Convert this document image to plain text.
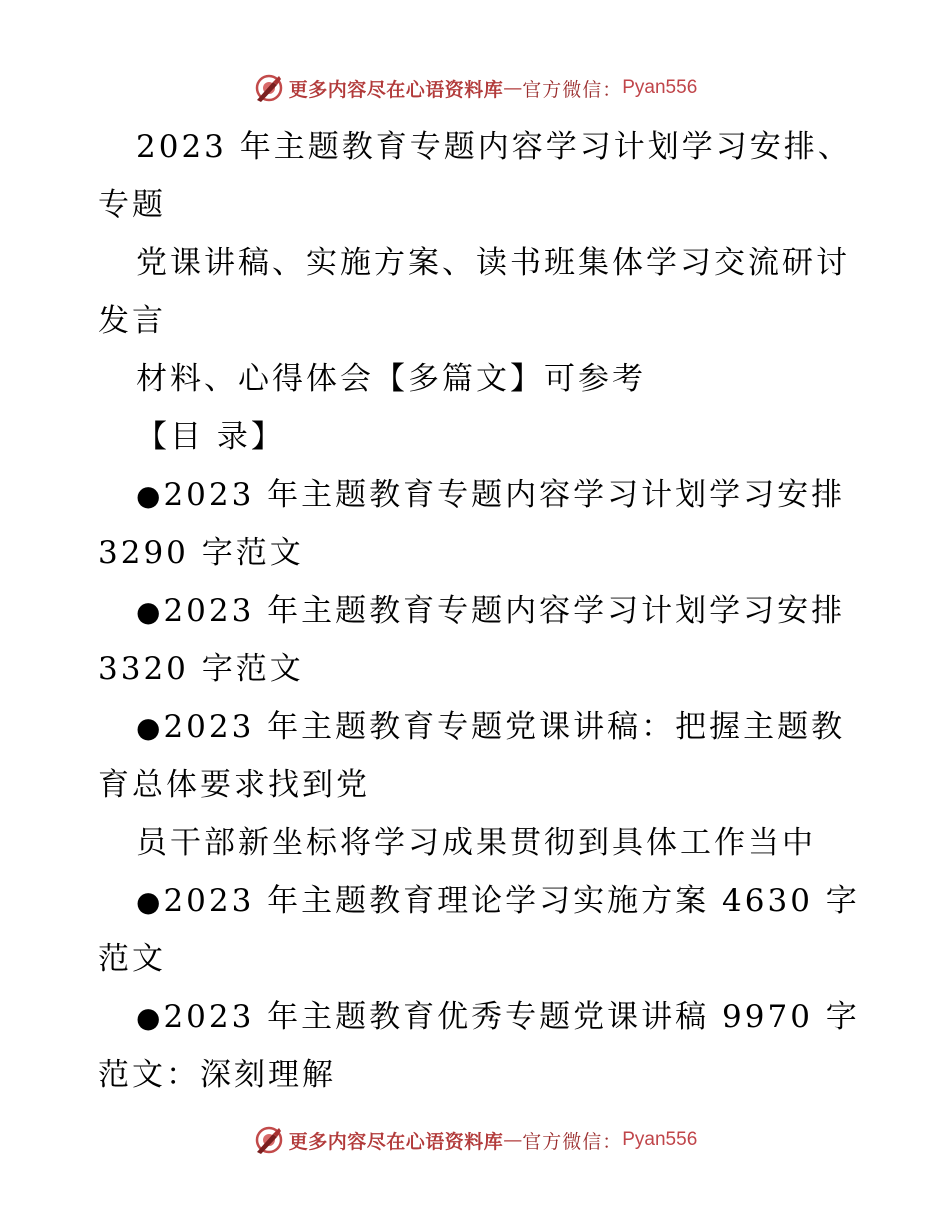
更多内容尽在心语资料库 — 官方微信： Pyan556
2023 年主题教育专题内容学习计划学习安排、
专题
党课讲稿、实施方案、读书班集体学习交流研讨
发言
材料、心得体会【多篇文】可参考
【目 录】
●2023 年主题教育专题内容学习计划学习安排
3290 字范文
●2023 年主题教育专题内容学习计划学习安排
3320 字范文
●2023 年主题教育专题党课讲稿：把握主题教
育总体要求找到党
员干部新坐标将学习成果贯彻到具体工作当中
●2023 年主题教育理论学习实施方案 4630 字
范文
●2023 年主题教育优秀专题党课讲稿 9970 字
范文：深刻理解
更多内容尽在心语资料库 — 官方微信： Pyan556
